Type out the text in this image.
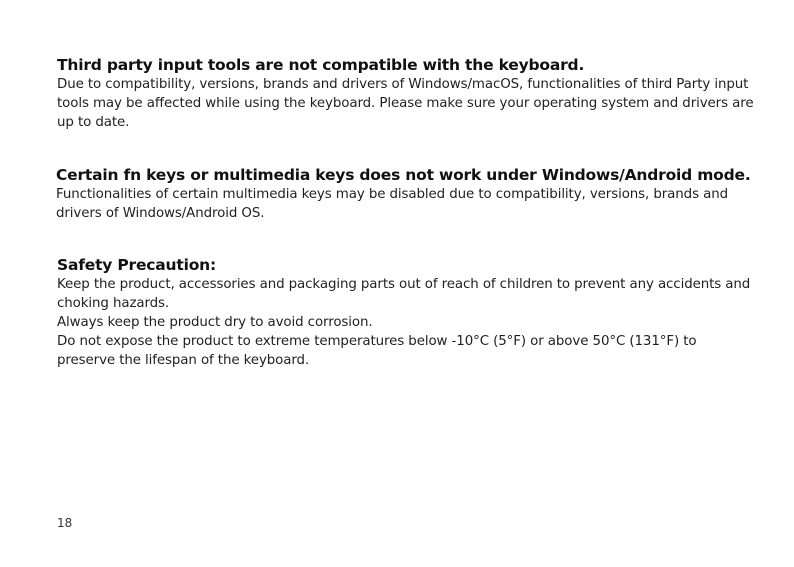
Third party input tools are not compatible with the keyboard.

Due to compatibility, versions, brands and drivers of Windows/macOS, functionalities of third Party input tools may be affected while using the keyboard. Please make sure your operating system and drivers are up to date.

Certain fn keys or multimedia keys does not work under Windows/Android mode.

Functionalities of certain multimedia keys may be disabled due to compatibility, versions, brands and drivers of Windows/Android OS.

Safety Precaution:

Keep the product, accessories and packaging parts out of reach of children to prevent any accidents and choking hazards.

Always keep the product dry to avoid corrosion.

Do not expose the product to extreme temperatures below -10°C (5°F) or above 50°C (131°F) to preserve the lifespan of the keyboard.

18
